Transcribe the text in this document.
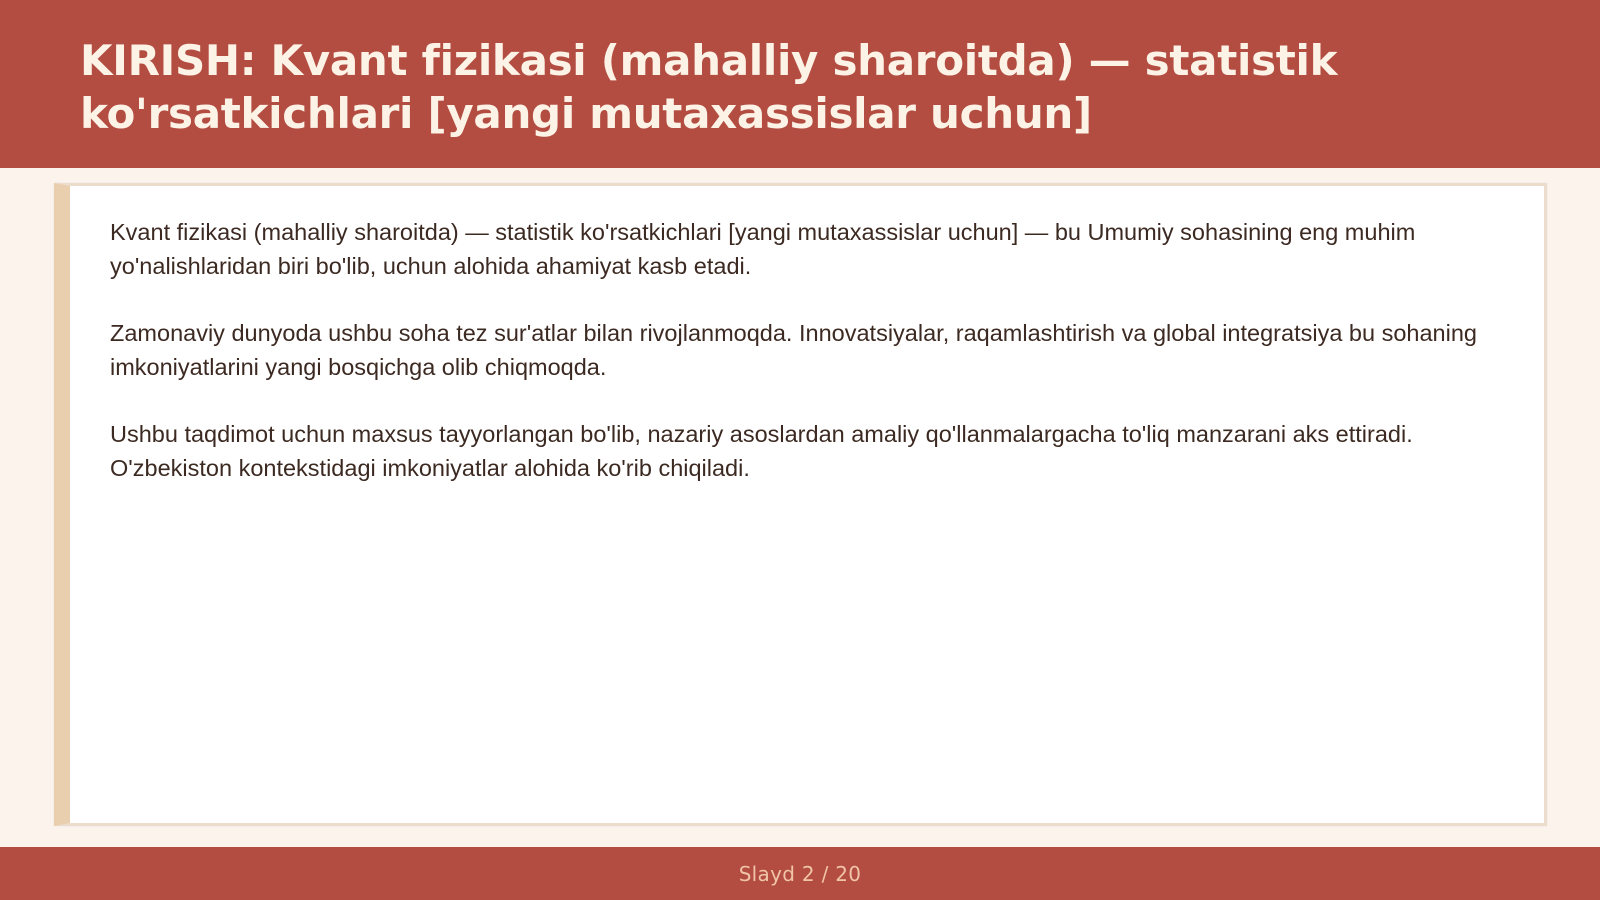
KIRISH: Kvant fizikasi (mahalliy sharoitda) — statistik ko'rsatkichlari [yangi mutaxassislar uchun]

Kvant fizikasi (mahalliy sharoitda) — statistik ko'rsatkichlari [yangi mutaxassislar uchun] — bu Umumiy sohasining eng muhim yo'nalishlaridan biri bo'lib, uchun alohida ahamiyat kasb etadi.

Zamonaviy dunyoda ushbu soha tez sur'atlar bilan rivojlanmoqda. Innovatsiyalar, raqamlashtirish va global integratsiya bu sohaning imkoniyatlarini yangi bosqichga olib chiqmoqda.

Ushbu taqdimot uchun maxsus tayyorlangan bo'lib, nazariy asoslardan amaliy qo'llanmalargacha to'liq manzarani aks ettiradi. O'zbekiston kontekstidagi imkoniyatlar alohida ko'rib chiqiladi.

Slayd 2 / 20
